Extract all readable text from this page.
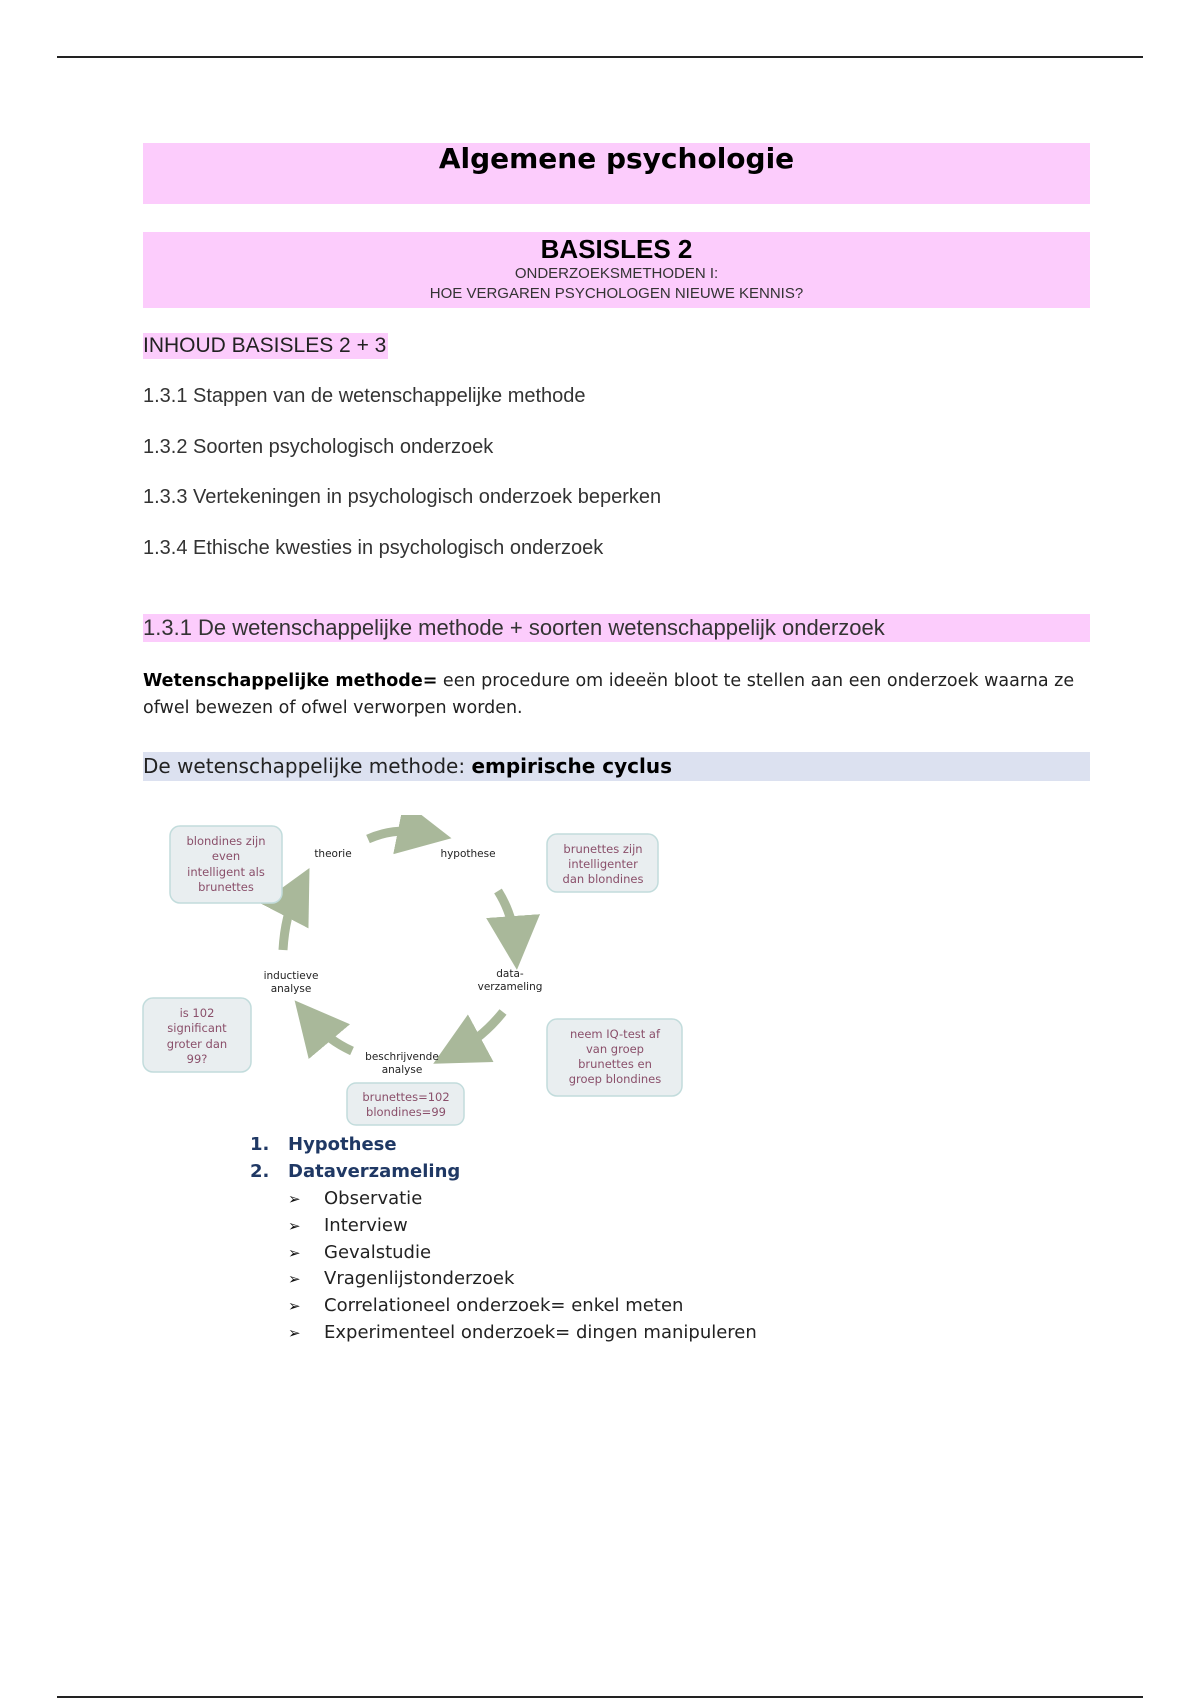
Algemene psychologie
BASISLES 2
ONDERZOEKSMETHODEN I:
HOE VERGAREN PSYCHOLOGEN NIEUWE KENNIS?
INHOUD BASISLES 2 + 3
1.3.1 Stappen van de wetenschappelijke methode
1.3.2 Soorten psychologisch onderzoek
1.3.3 Vertekeningen in psychologisch onderzoek beperken
1.3.4 Ethische kwesties in psychologisch onderzoek
1.3.1 De wetenschappelijke methode + soorten wetenschappelijk onderzoek
Wetenschappelijke methode= een procedure om ideeën bloot te stellen aan een onderzoek waarna ze ofwel bewezen of ofwel verworpen worden.
De wetenschappelijke methode: empirische cyclus
theorie	hypothese
data-
verzameling
beschrijvende
analyse
inductieve
analyse
blondines zijn
even
intelligent als
brunettes
brunettes zijn
intelligenter
dan blondines
neem IQ-test af
van groep
brunettes en
groep blondines
brunettes=102
blondines=99
is 102
significant
groter dan
99?
1. Hypothese
2. Dataverzameling
➢ Observatie
➢ Interview
➢ Gevalstudie
➢ Vragenlijstonderzoek
➢ Correlationeel onderzoek= enkel meten
➢ Experimenteel onderzoek= dingen manipuleren
